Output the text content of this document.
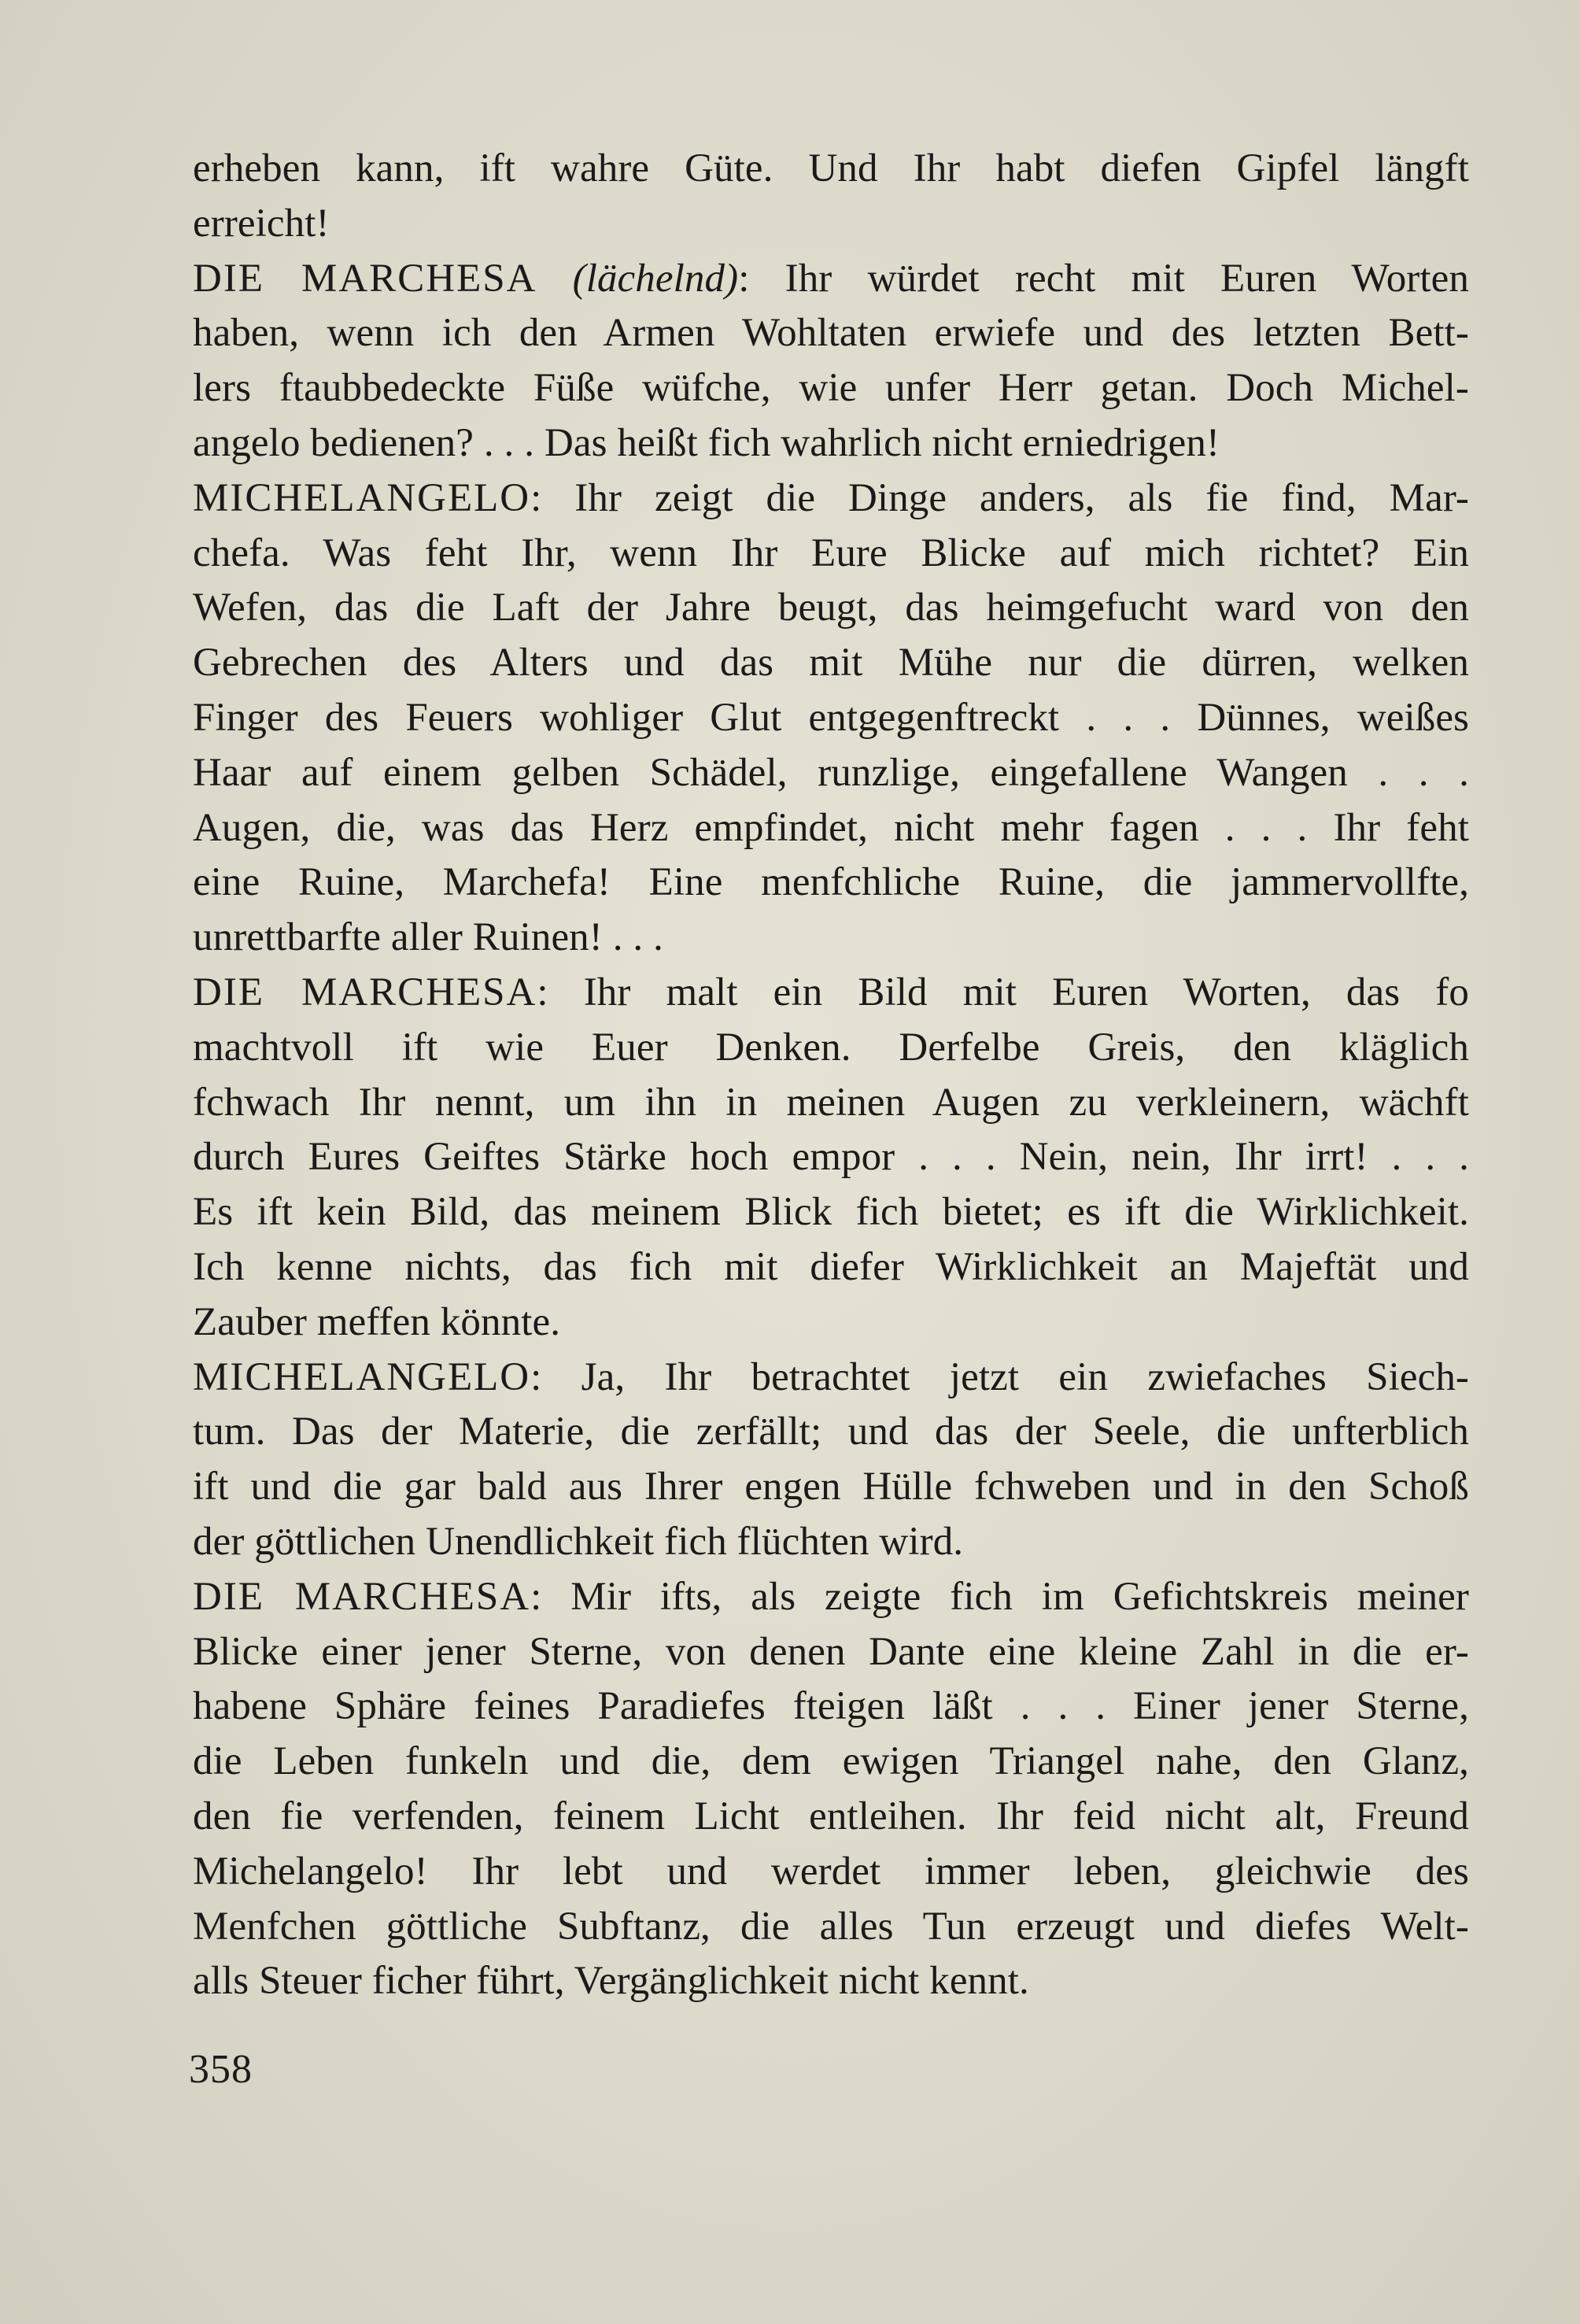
erheben kann, ift wahre Güte. Und Ihr habt diefen Gipfel längft
erreicht!
DIE MARCHESA (lächelnd): Ihr würdet recht mit Euren Worten
haben, wenn ich den Armen Wohltaten erwiefe und des letzten Bett-
lers ftaubbedeckte Füße wüfche, wie unfer Herr getan. Doch Michel-
angelo bedienen? . . . Das heißt fich wahrlich nicht erniedrigen!
MICHELANGELO: Ihr zeigt die Dinge anders, als fie find, Mar-
chefa. Was feht Ihr, wenn Ihr Eure Blicke auf mich richtet? Ein
Wefen, das die Laft der Jahre beugt, das heimgefucht ward von den
Gebrechen des Alters und das mit Mühe nur die dürren, welken
Finger des Feuers wohliger Glut entgegenftreckt . . . Dünnes, weißes
Haar auf einem gelben Schädel, runzlige, eingefallene Wangen . . .
Augen, die, was das Herz empfindet, nicht mehr fagen . . . Ihr feht
eine Ruine, Marchefa! Eine menfchliche Ruine, die jammervollfte,
unrettbarfte aller Ruinen! . . .
DIE MARCHESA: Ihr malt ein Bild mit Euren Worten, das fo
machtvoll ift wie Euer Denken. Derfelbe Greis, den kläglich
fchwach Ihr nennt, um ihn in meinen Augen zu verkleinern, wächft
durch Eures Geiftes Stärke hoch empor . . . Nein, nein, Ihr irrt! . . .
Es ift kein Bild, das meinem Blick fich bietet; es ift die Wirklichkeit.
Ich kenne nichts, das fich mit diefer Wirklichkeit an Majeftät und
Zauber meffen könnte.
MICHELANGELO: Ja, Ihr betrachtet jetzt ein zwiefaches Siech-
tum. Das der Materie, die zerfällt; und das der Seele, die unfterblich
ift und die gar bald aus Ihrer engen Hülle fchweben und in den Schoß
der göttlichen Unendlichkeit fich flüchten wird.
DIE MARCHESA: Mir ifts, als zeigte fich im Gefichtskreis meiner
Blicke einer jener Sterne, von denen Dante eine kleine Zahl in die er-
habene Sphäre feines Paradiefes fteigen läßt . . . Einer jener Sterne,
die Leben funkeln und die, dem ewigen Triangel nahe, den Glanz,
den fie verfenden, feinem Licht entleihen. Ihr feid nicht alt, Freund
Michelangelo! Ihr lebt und werdet immer leben, gleichwie des
Menfchen göttliche Subftanz, die alles Tun erzeugt und diefes Welt-
alls Steuer ficher führt, Vergänglichkeit nicht kennt.
358
